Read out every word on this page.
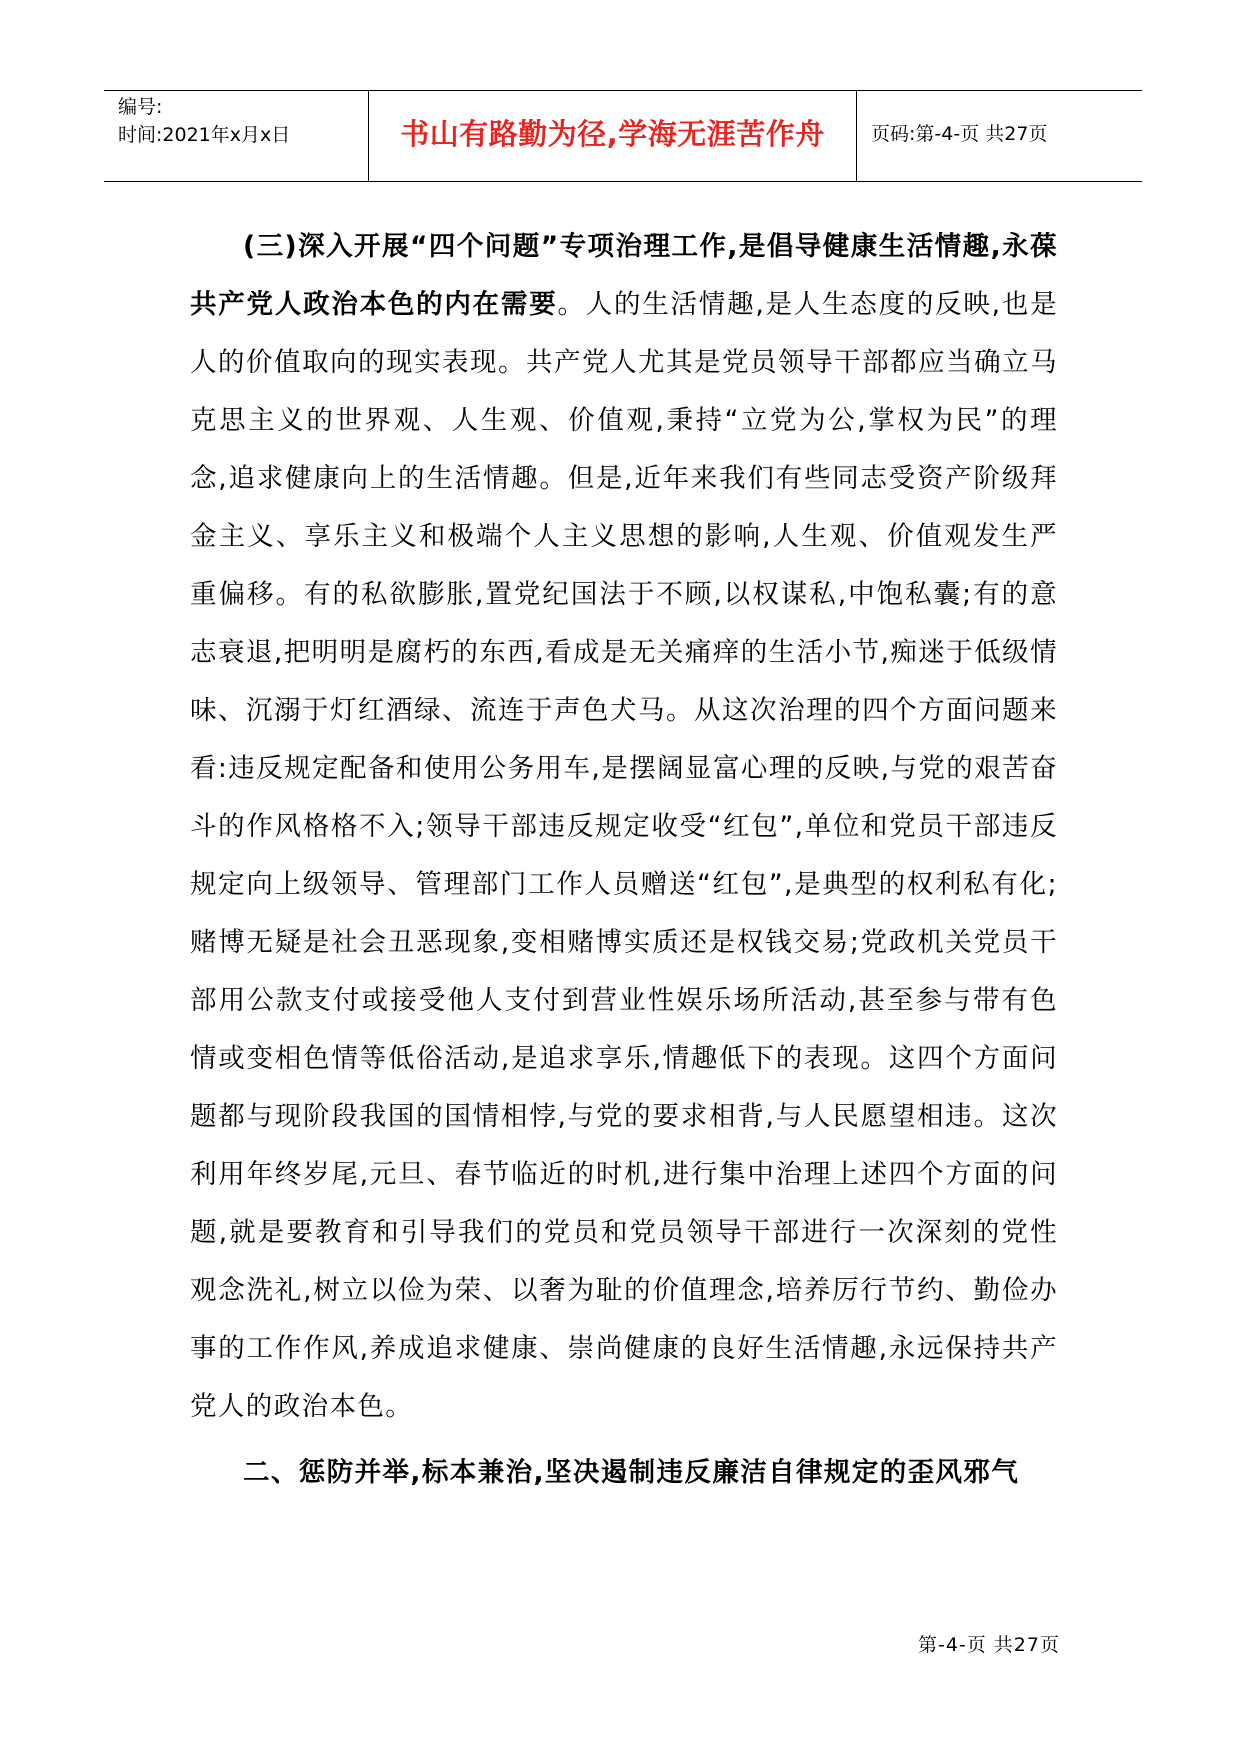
编号:
时间:2021年x月x日	书山有路勤为径,学海无涯苦作舟 页码:第-4-页 共27页

(三)深入开展“四个问题”专项治理工作,是倡导健康生活情趣,永葆共产党人政治本色的内在需要。人的生活情趣,是人生态度的反映,也是人的价值取向的现实表现。共产党人尤其是党员领导干部都应当确立马克思主义的世界观、人生观、价值观,秉持“立党为公,掌权为民”的理念,追求健康向上的生活情趣。但是,近年来我们有些同志受资产阶级拜金主义、享乐主义和极端个人主义思想的影响,人生观、价值观发生严重偏移。有的私欲膨胀,置党纪国法于不顾,以权谋私,中饱私囊;有的意志衰退,把明明是腐朽的东西,看成是无关痛痒的生活小节,痴迷于低级情味、沉溺于灯红酒绿、流连于声色犬马。从这次治理的四个方面问题来看:违反规定配备和使用公务用车,是摆阔显富心理的反映,与党的艰苦奋斗的作风格格不入;领导干部违反规定收受“红包”,单位和党员干部违反规定向上级领导、管理部门工作人员赠送“红包”,是典型的权利私有化;赌博无疑是社会丑恶现象,变相赌博实质还是权钱交易;党政机关党员干部用公款支付或接受他人支付到营业性娱乐场所活动,甚至参与带有色情或变相色情等低俗活动,是追求享乐,情趣低下的表现。这四个方面问题都与现阶段我国的国情相悖,与党的要求相背,与人民愿望相违。这次利用年终岁尾,元旦、春节临近的时机,进行集中治理上述四个方面的问题,就是要教育和引导我们的党员和党员领导干部进行一次深刻的党性观念洗礼,树立以俭为荣、以奢为耻的价值理念,培养厉行节约、勤俭办事的工作作风,养成追求健康、崇尚健康的良好生活情趣,永远保持共产党人的政治本色。

二、惩防并举,标本兼治,坚决遏制违反廉洁自律规定的歪风邪气

第-4-页 共27页
